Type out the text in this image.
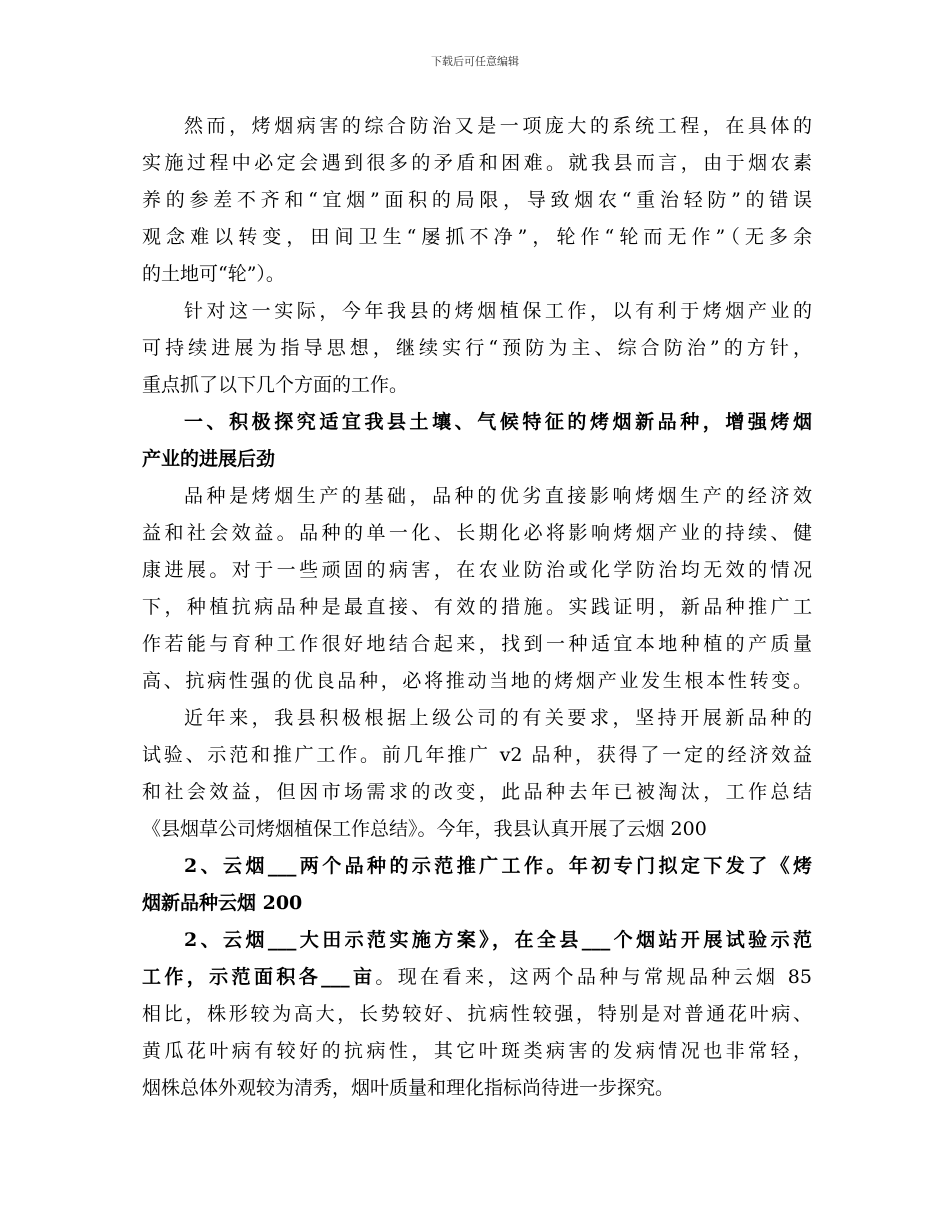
下载后可任意编辑
然而，烤烟病害的综合防治又是一项庞大的系统工程，在具体的
实施过程中必定会遇到很多的矛盾和困难。就我县而言，由于烟农素
养的参差不齐和“宜烟”面积的局限，导致烟农“重治轻防”的错误
观念难以转变，田间卫生“屡抓不净”，轮作“轮而无作”（无多余
的土地可“轮”）。
针对这一实际，今年我县的烤烟植保工作，以有利于烤烟产业的
可持续进展为指导思想，继续实行“预防为主、综合防治”的方针，
重点抓了以下几个方面的工作。
一、积极探究适宜我县土壤、气候特征的烤烟新品种，增强烤烟
产业的进展后劲
品种是烤烟生产的基础，品种的优劣直接影响烤烟生产的经济效
益和社会效益。品种的单一化、长期化必将影响烤烟产业的持续、健
康进展。对于一些顽固的病害，在农业防治或化学防治均无效的情况
下，种植抗病品种是最直接、有效的措施。实践证明，新品种推广工
作若能与育种工作很好地结合起来，找到一种适宜本地种植的产质量
高、抗病性强的优良品种，必将推动当地的烤烟产业发生根本性转变。
近年来，我县积极根据上级公司的有关要求，坚持开展新品种的
试验、示范和推广工作。前几年推广 v2 品种，获得了一定的经济效益
和社会效益，但因市场需求的改变，此品种去年已被淘汰，工作总结
《县烟草公司烤烟植保工作总结》。今年，我县认真开展了云烟 200
2、云烟___两个品种的示范推广工作。年初专门拟定下发了《烤
烟新品种云烟 200
2、云烟___大田示范实施方案》，在全县___个烟站开展试验示范
工作，示范面积各___亩。现在看来，这两个品种与常规品种云烟 85
相比，株形较为高大，长势较好、抗病性较强，特别是对普通花叶病、
黄瓜花叶病有较好的抗病性，其它叶斑类病害的发病情况也非常轻，
烟株总体外观较为清秀，烟叶质量和理化指标尚待进一步探究。
